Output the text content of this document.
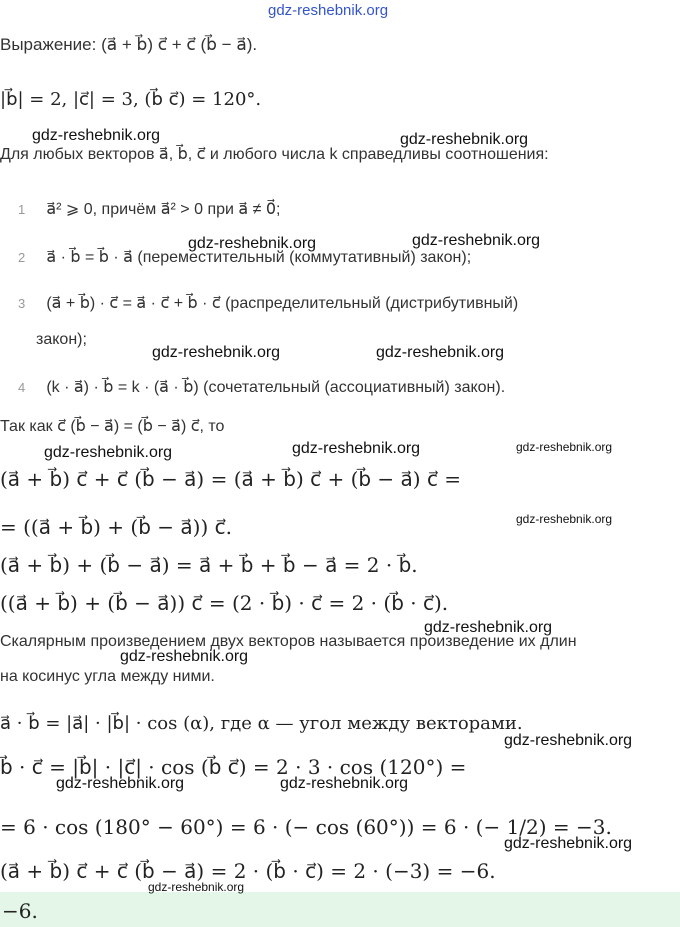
gdz-reshebnik.org
Выражение: (a⃗ + b⃗) c⃗ + c⃗ (b⃗ − a⃗).
|b⃗| = 2, |c⃗| = 3, (b⃗ c⃗) = 120°.
gdz-reshebnik.org	gdz-reshebnik.org
Для любых векторов a⃗, b⃗, c⃗ и любого числа k справедливы соотношения:
1 a⃗² ⩾ 0, причём a⃗² > 0 при a⃗ ≠ 0⃗;
gdz-reshebnik.org	gdz-reshebnik.org
2 a⃗ · b⃗ = b⃗ · a⃗ (переместительный (коммутативный) закон);
3 (a⃗ + b⃗) · c⃗ = a⃗ · c⃗ + b⃗ · c⃗ (распределительный (дистрибутивный)
закон);
gdz-reshebnik.org	gdz-reshebnik.org
4 (k · a⃗) · b⃗ = k · (a⃗ · b⃗) (сочетательный (ассоциативный) закон).
Так как c⃗ (b⃗ − a⃗) = (b⃗ − a⃗) c⃗, то
gdz-reshebnik.org	gdz-reshebnik.org	gdz-reshebnik.org
(a⃗ + b⃗) c⃗ + c⃗ (b⃗ − a⃗) = (a⃗ + b⃗) c⃗ + (b⃗ − a⃗) c⃗ =
gdz-reshebnik.org
= ((a⃗ + b⃗) + (b⃗ − a⃗)) c⃗.
(a⃗ + b⃗) + (b⃗ − a⃗) = a⃗ + b⃗ + b⃗ − a⃗ = 2 · b⃗.
((a⃗ + b⃗) + (b⃗ − a⃗)) c⃗ = (2 · b⃗) · c⃗ = 2 · (b⃗ · c⃗).
gdz-reshebnik.org
Скалярным произведением двух векторов называется произведение их длин
gdz-reshebnik.org
на косинус угла между ними.
a⃗ · b⃗ = |a⃗| · |b⃗| · cos (α), где α — угол между векторами.
gdz-reshebnik.org
b⃗ · c⃗ = |b⃗| · |c⃗| · cos (b⃗ c⃗) = 2 · 3 · cos (120°) =
gdz-reshebnik.org	gdz-reshebnik.org
= 6 · cos (180° − 60°) = 6 · (− cos (60°)) = 6 · (− 1/2) = −3.
gdz-reshebnik.org
(a⃗ + b⃗) c⃗ + c⃗ (b⃗ − a⃗) = 2 · (b⃗ · c⃗) = 2 · (−3) = −6.
gdz-reshebnik.org
−6.
